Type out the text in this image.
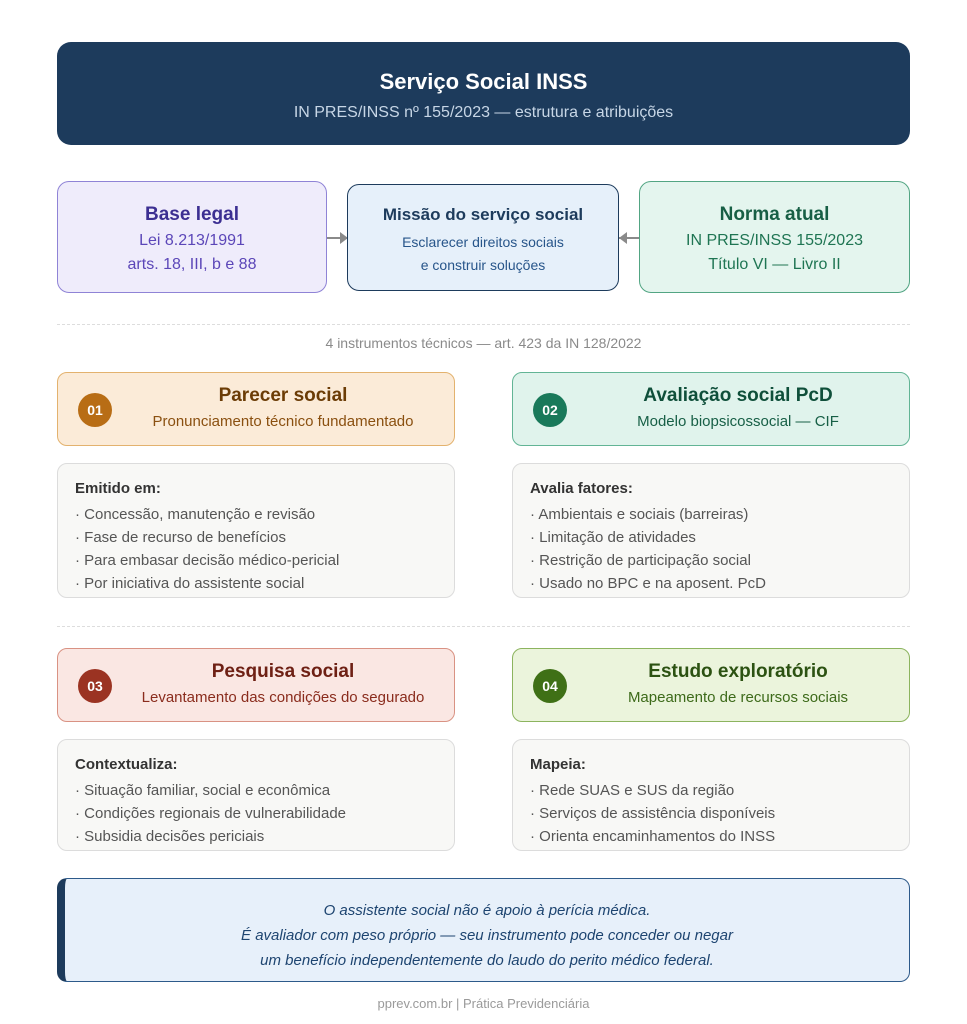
Serviço Social INSS
IN PRES/INSS nº 155/2023 — estrutura e atribuições
Base legal
Lei 8.213/1991
arts. 18, III, b e 88
Missão do serviço social
Esclarecer direitos sociais
e construir soluções
Norma atual
IN PRES/INSS 155/2023
Título VI — Livro II
4 instrumentos técnicos — art. 423 da IN 128/2022
01
Parecer social
Pronunciamento técnico fundamentado
Emitido em:
· Concessão, manutenção e revisão
· Fase de recurso de benefícios
· Para embasar decisão médico-pericial
· Por iniciativa do assistente social
02
Avaliação social PcD
Modelo biopsicossocial — CIF
Avalia fatores:
· Ambientais e sociais (barreiras)
· Limitação de atividades
· Restrição de participação social
· Usado no BPC e na aposent. PcD
03
Pesquisa social
Levantamento das condições do segurado
Contextualiza:
· Situação familiar, social e econômica
· Condições regionais de vulnerabilidade
· Subsidia decisões periciais
04
Estudo exploratório
Mapeamento de recursos sociais
Mapeia:
· Rede SUAS e SUS da região
· Serviços de assistência disponíveis
· Orienta encaminhamentos do INSS
O assistente social não é apoio à perícia médica.
É avaliador com peso próprio — seu instrumento pode conceder ou negar
um benefício independentemente do laudo do perito médico federal.
pprev.com.br | Prática Previdenciária
